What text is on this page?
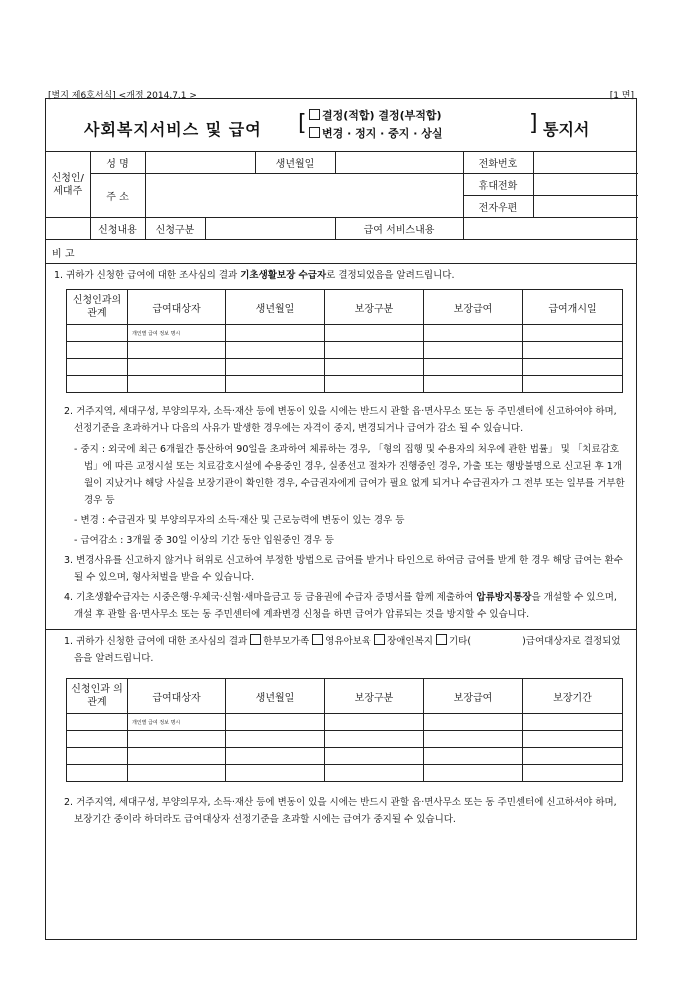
[별지 제6호서식] <개정 2014.7.1 >	[1 면]
사회복지서비스 및 급여 [	결정(적합) 결정(부적합)
변경 · 정지 · 중지 · 상실	] 통지서
신청인/세대주	성 명			생년월일		전화번호	
	주 소					휴대전화	
						전자우편	
	신청내용	신청구분			급여 서비스내용		
비 고

1. 귀하가 신청한 급여에 대한 조사심의 결과 기초생활보장 수급자로 결정되었음을 알려드립니다.

신청인과의 관계	급여대상자	생년월일	보장구분	보장급여	급여개시일
	개인별 급여 정보 명시				

2. 거주지역, 세대구성, 부양의무자, 소득·재산 등에 변동이 있을 시에는 반드시 관할 읍·면사무소 또는 동 주민센터에 신고하여야 하며, 선정기준을 초과하거나 다음의 사유가 발생한 경우에는 자격이 중지, 변경되거나 급여가 감소 될 수 있습니다.

- 중지 : 외국에 최근 6개월간 통산하여 90일을 초과하여 체류하는 경우, 「형의 집행 및 수용자의 처우에 관한 법률」 및 「치료감호법」에 따른 교정시설 또는 치료감호시설에 수용중인 경우, 실종선고 절차가 진행중인 경우, 가출 또는 행방불명으로 신고된 후 1개월이 지났거나 해당 사실을 보장기관이 확인한 경우, 수급권자에게 급여가 필요 없게 되거나 수급권자가 그 전부 또는 일부를 거부한 경우 등

- 변경 : 수급권자 및 부양의무자의 소득·재산 및 근로능력에 변동이 있는 경우 등

- 급여감소 : 3개월 중 30일 이상의 기간 동안 입원중인 경우 등

3. 변경사유를 신고하지 않거나 허위로 신고하여 부정한 방법으로 급여를 받거나 타인으로 하여금 급여를 받게 한 경우 해당 급여는 환수될 수 있으며, 형사처벌을 받을 수 있습니다.

4. 기초생활수급자는 시중은행·우체국·신협·새마을금고 등 금융권에 수급자 증명서를 함께 제출하여 압류방지통장을 개설할 수 있으며, 개설 후 관할 읍·면사무소 또는 동 주민센터에 계좌변경 신청을 하면 급여가 압류되는 것을 방지할 수 있습니다.

1. 귀하가 신청한 급여에 대한 조사심의 결과 한부모가족 영유아보육 장애인복지 기타(	)급여대상자로 결정되었음을 알려드립니다.

신청인과 의관계	급여대상자	생년월일	보장구분	보장급여	보장기간
	개인별 급여 정보 명시				

2. 거주지역, 세대구성, 부양의무자, 소득·재산 등에 변동이 있을 시에는 반드시 관할 읍·면사무소 또는 동 주민센터에 신고하셔야 하며, 보장기간 중이라 하더라도 급여대상자 선정기준을 초과할 시에는 급여가 중지될 수 있습니다.
